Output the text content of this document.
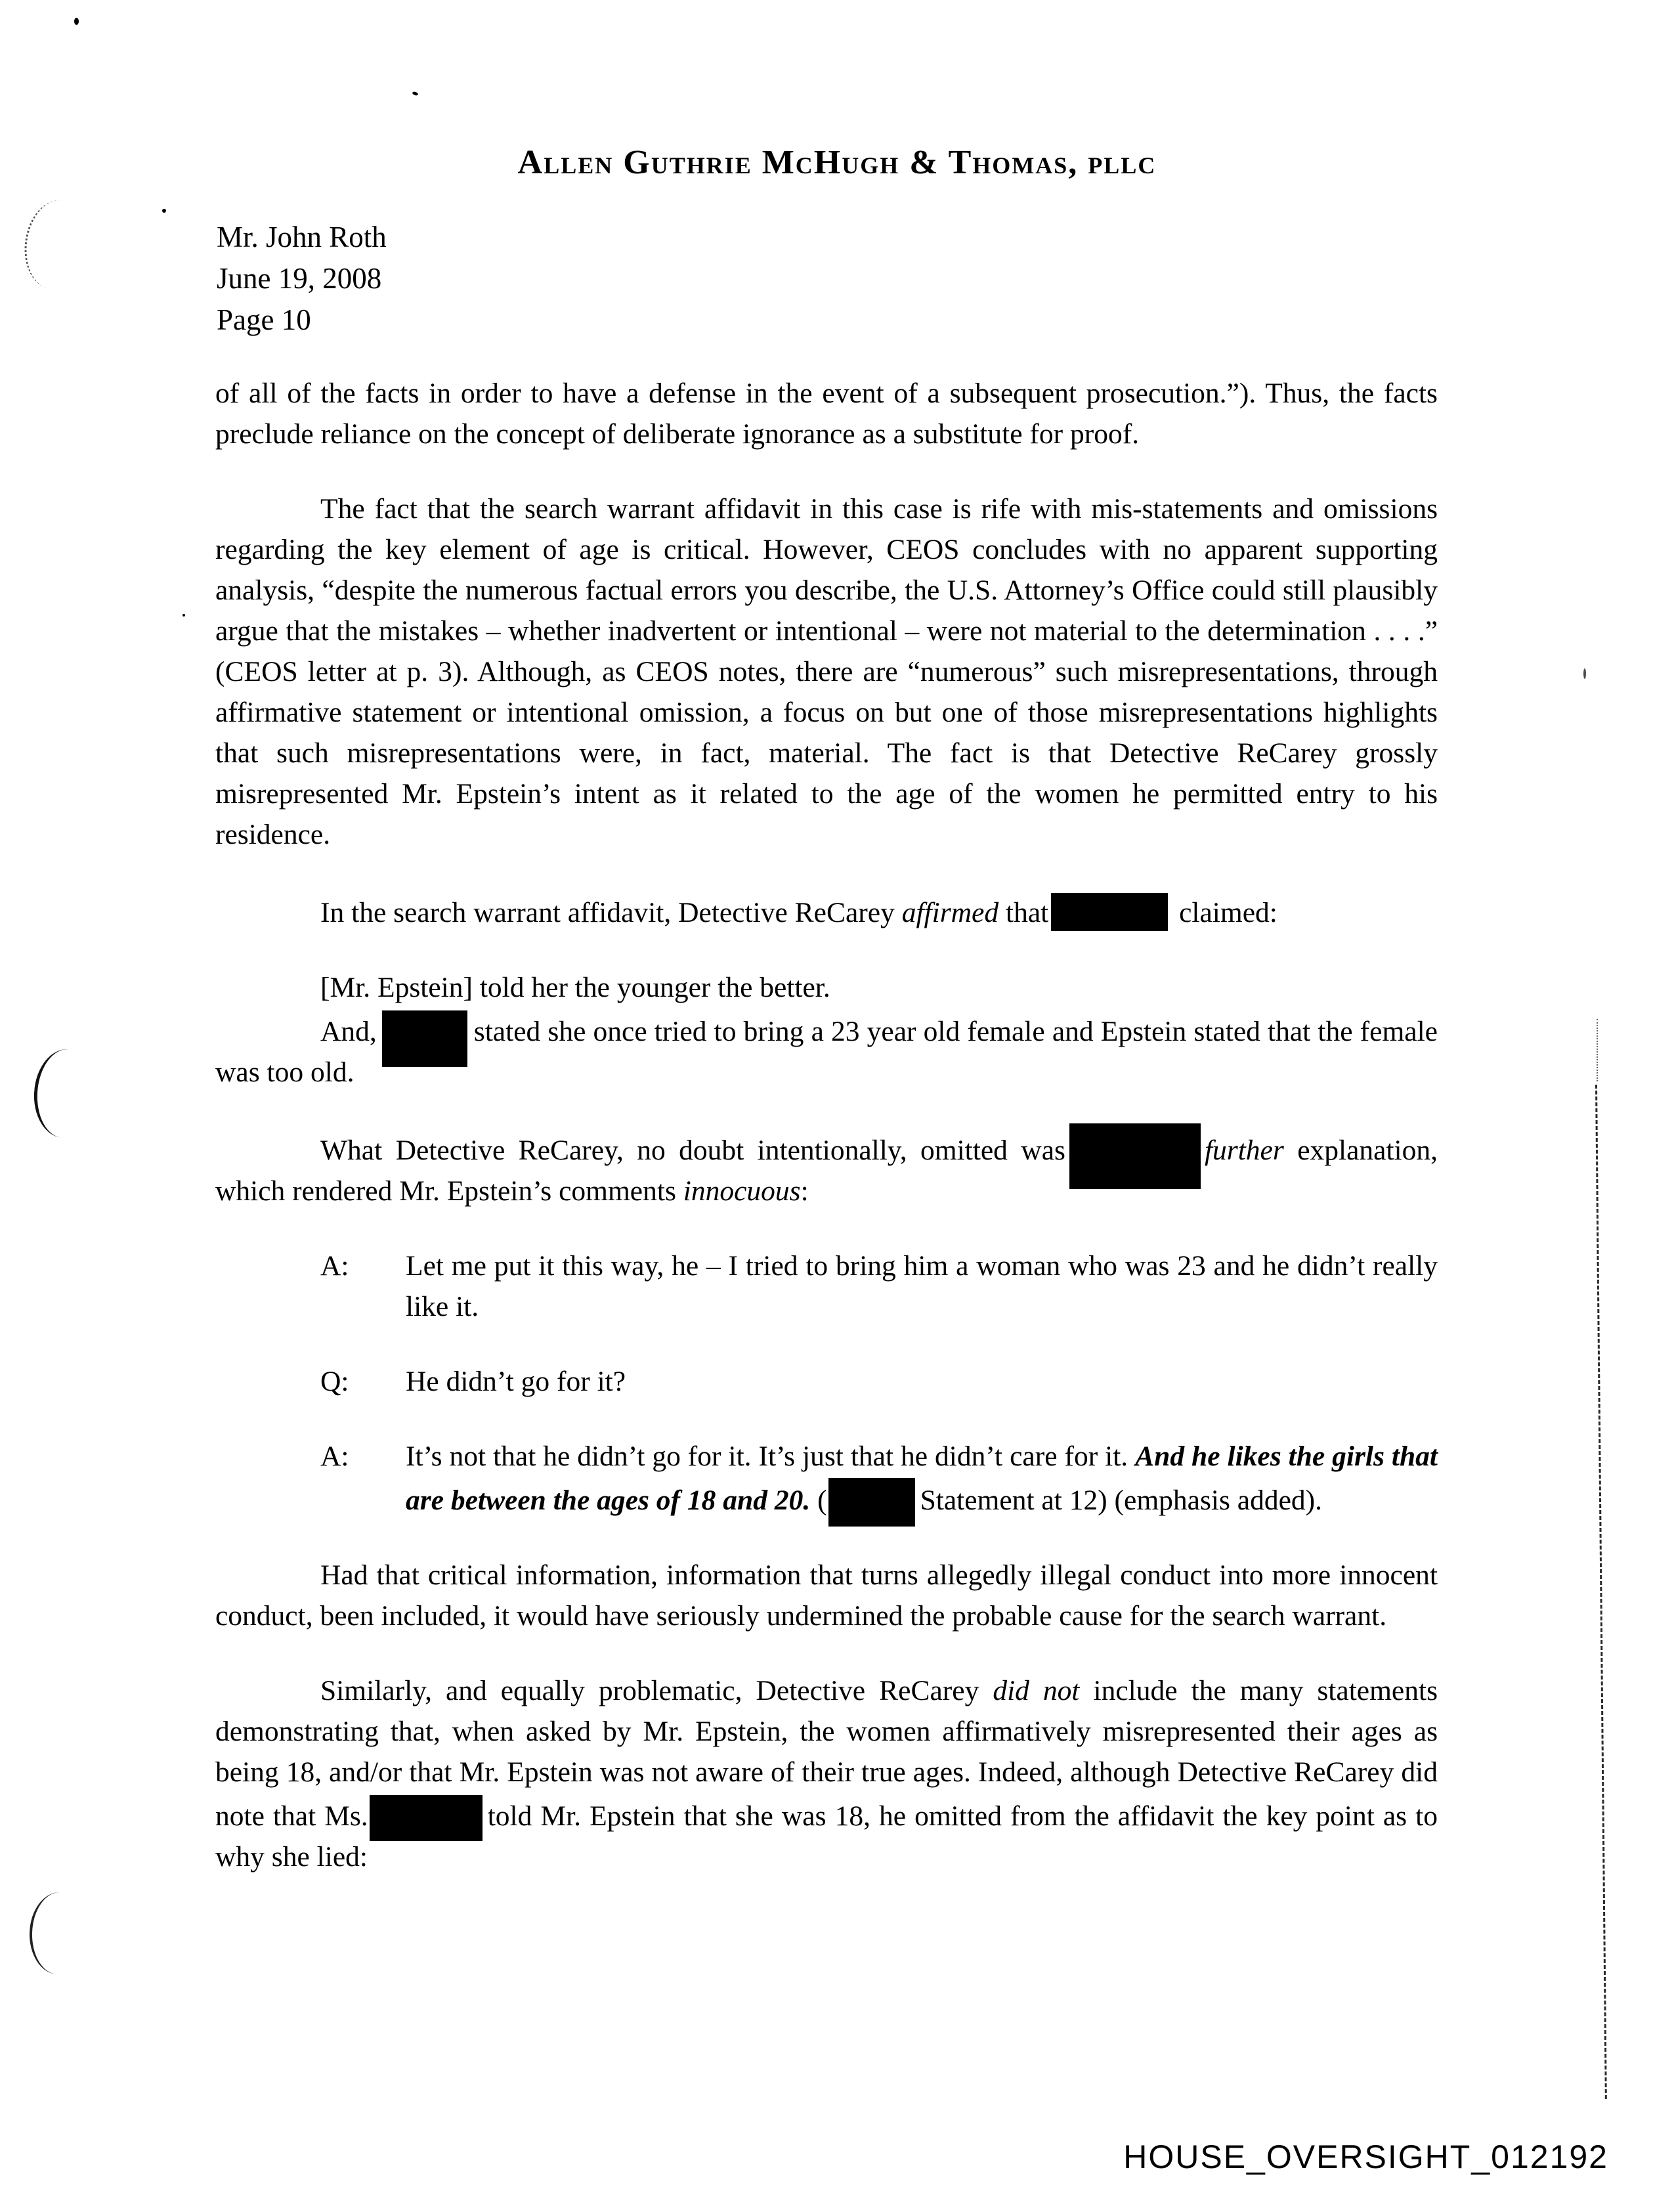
Allen Guthrie McHugh & Thomas, pllc
Mr. John Roth
June 19, 2008
Page 10

of all of the facts in order to have a defense in the event of a subsequent prosecution.”). Thus, the facts preclude reliance on the concept of deliberate ignorance as a substitute for proof.

The fact that the search warrant affidavit in this case is rife with mis-statements and omissions regarding the key element of age is critical. However, CEOS concludes with no apparent supporting analysis, “despite the numerous factual errors you describe, the U.S. Attorney’s Office could still plausibly argue that the mistakes – whether inadvertent or intentional – were not material to the determination . . . .” (CEOS letter at p. 3). Although, as CEOS notes, there are “numerous” such misrepresentations, through affirmative statement or intentional omission, a focus on but one of those misrepresentations highlights that such misrepresentations were, in fact, material. The fact is that Detective ReCarey grossly misrepresented Mr. Epstein’s intent as it related to the age of the women he permitted entry to his residence.

In the search warrant affidavit, Detective ReCarey affirmed that	claimed:

[Mr. Epstein] told her the younger the better.

And,	stated she once tried to bring a 23 year old female and Epstein stated that the female was too old.

What Detective ReCarey, no doubt intentionally, omitted was	further explanation, which rendered Mr. Epstein’s comments innocuous:

A:	Let me put it this way, he – I tried to bring him a woman who was 23 and he didn’t really like it.
Q:	He didn’t go for it?
A:	It’s not that he didn’t go for it. It’s just that he didn’t care for it. And he likes the girls that are between the ages of 18 and 20. (	Statement at 12) (emphasis added).

Had that critical information, information that turns allegedly illegal conduct into more innocent conduct, been included, it would have seriously undermined the probable cause for the search warrant.

Similarly, and equally problematic, Detective ReCarey did not include the many statements demonstrating that, when asked by Mr. Epstein, the women affirmatively misrepresented their ages as being 18, and/or that Mr. Epstein was not aware of their true ages. Indeed, although Detective ReCarey did note that Ms.	told Mr. Epstein that she was 18, he omitted from the affidavit the key point as to why she lied:

HOUSE_OVERSIGHT_012192
